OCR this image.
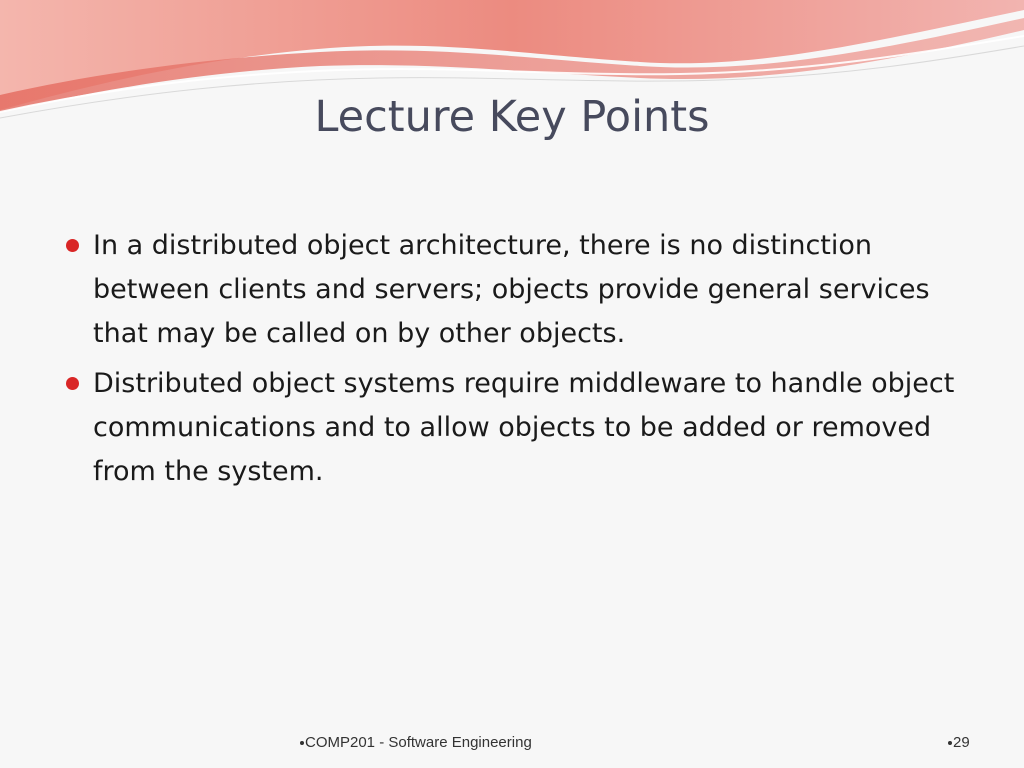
Lecture Key Points
In a distributed object architecture, there is no distinction between clients and servers; objects provide general services that may be called on by other objects.
Distributed object systems require middleware to handle object communications and to allow objects to be added or removed from the system.
COMP201 - Software Engineering	29
